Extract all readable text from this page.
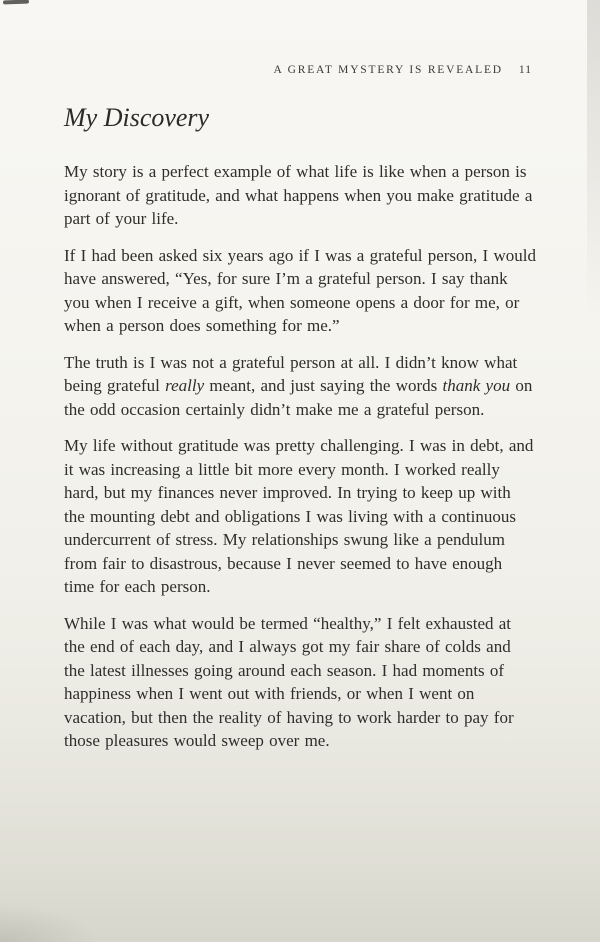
A GREAT MYSTERY IS REVEALED 11
My Discovery

My story is a perfect example of what life is like when a person is ignorant of gratitude, and what happens when you make gratitude a part of your life.

If I had been asked six years ago if I was a grateful person, I would have answered, “Yes, for sure I’m a grateful person. I say thank you when I receive a gift, when someone opens a door for me, or when a person does something for me.”

The truth is I was not a grateful person at all. I didn’t know what being grateful really meant, and just saying the words thank you on the odd occasion certainly didn’t make me a grateful person.

My life without gratitude was pretty challenging. I was in debt, and it was increasing a little bit more every month. I worked really hard, but my finances never improved. In trying to keep up with the mounting debt and obligations I was living with a continuous undercurrent of stress. My relationships swung like a pendulum from fair to disastrous, because I never seemed to have enough time for each person.

While I was what would be termed “healthy,” I felt exhausted at the end of each day, and I always got my fair share of colds and the latest illnesses going around each season. I had moments of happiness when I went out with friends, or when I went on vacation, but then the reality of having to work harder to pay for those pleasures would sweep over me.
